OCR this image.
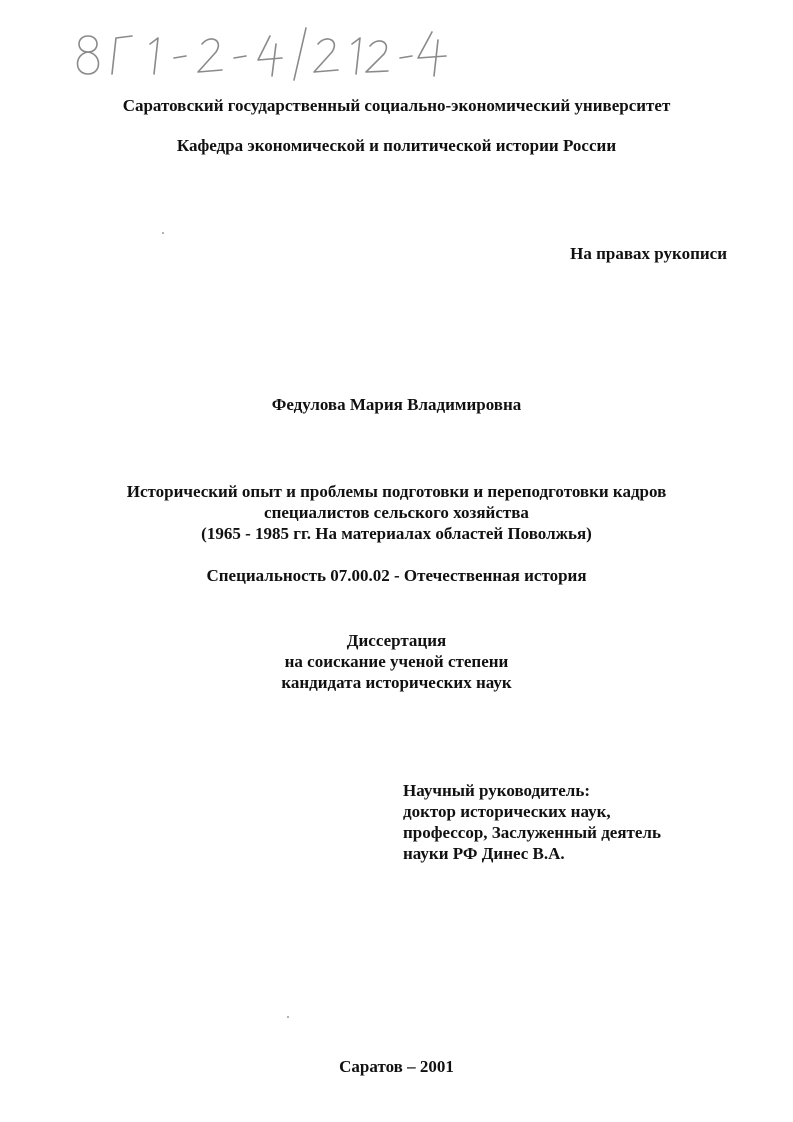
Саратовский государственный социально-экономический университет
Кафедра экономической и политической истории России
На правах рукописи
Федулова Мария Владимировна
Исторический опыт и проблемы подготовки и переподготовки кадров
специалистов сельского хозяйства
(1965 - 1985 гг. На материалах областей Поволжья)
Специальность 07.00.02 - Отечественная история
Диссертация
на соискание ученой степени
кандидата исторических наук
Научный руководитель:
доктор исторических наук,
профессор, Заслуженный деятель
науки РФ Динес В.А.
Саратов – 2001
